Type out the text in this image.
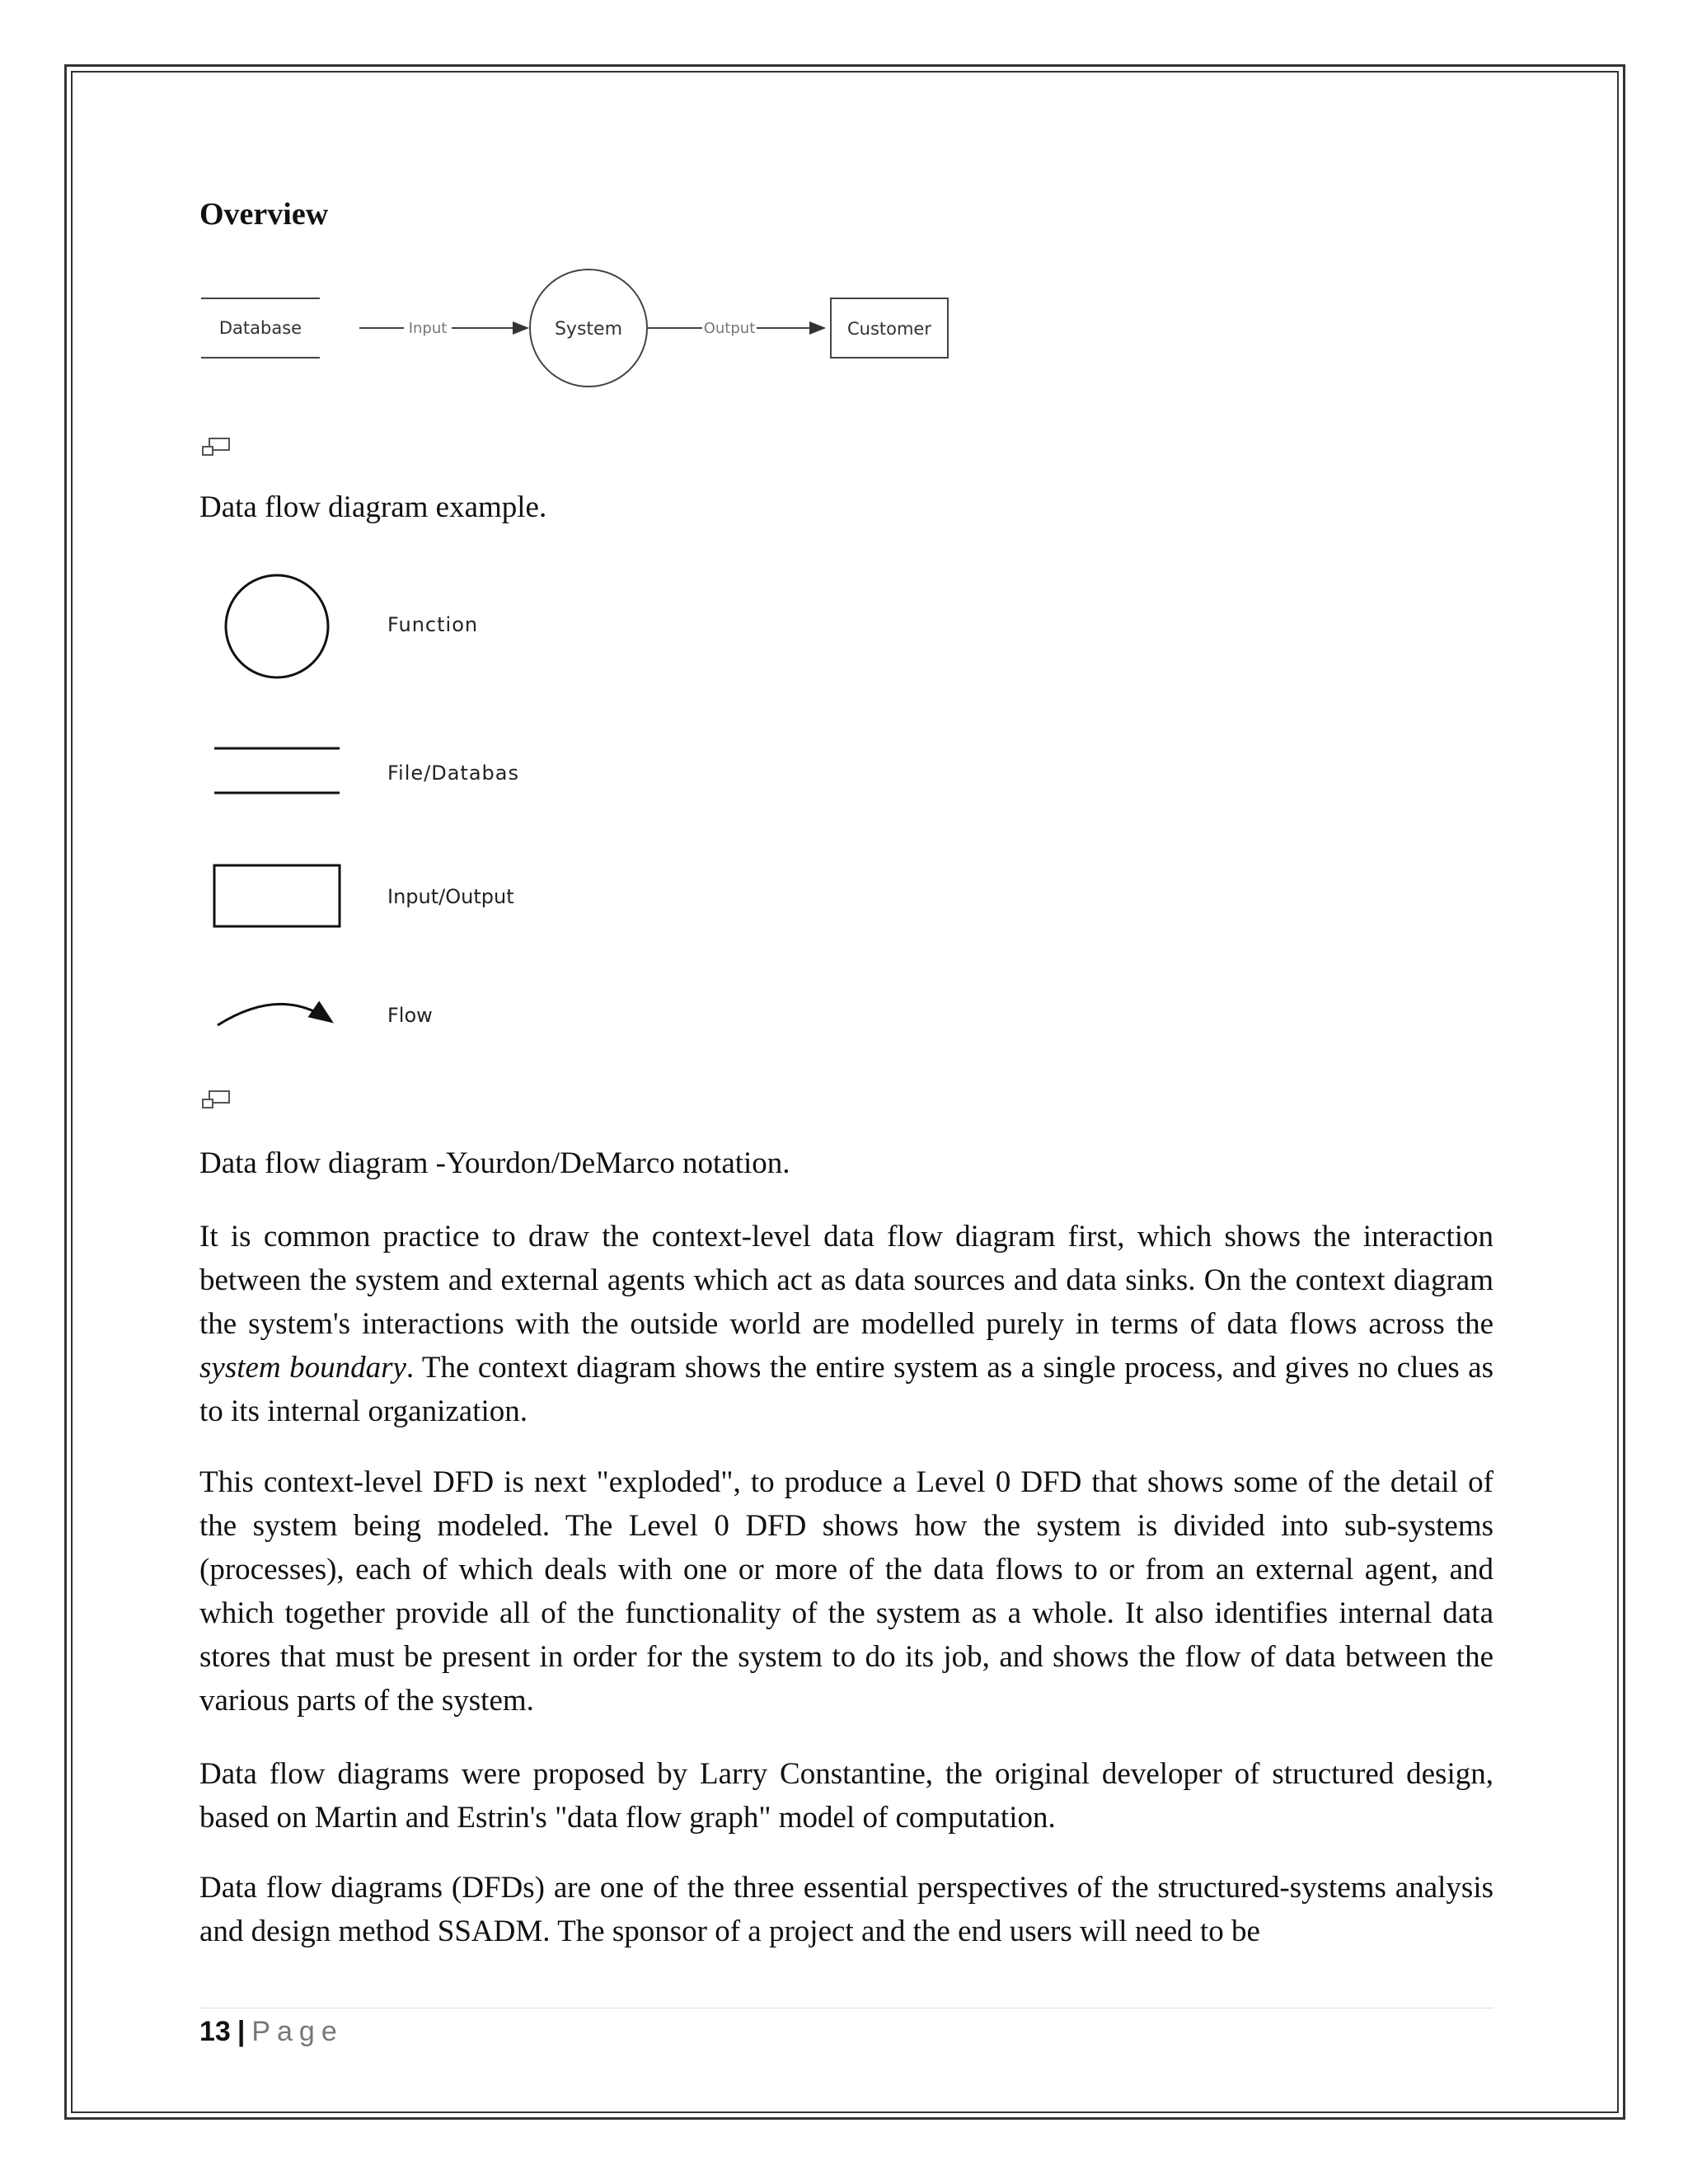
Overview
Database	Input	System	Output	Customer
Data flow diagram example.
Function
File/Databas
Input/Output
Flow
Data flow diagram -Yourdon/DeMarco notation.

It is common practice to draw the context-level data flow diagram first, which shows the interaction between the system and external agents which act as data sources and data sinks. On the context diagram the system's interactions with the outside world are modelled purely in terms of data flows across the system boundary. The context diagram shows the entire system as a single process, and gives no clues as to its internal organization.

This context-level DFD is next "exploded", to produce a Level 0 DFD that shows some of the detail of the system being modeled. The Level 0 DFD shows how the system is divided into sub-systems (processes), each of which deals with one or more of the data flows to or from an external agent, and which together provide all of the functionality of the system as a whole. It also identifies internal data stores that must be present in order for the system to do its job, and shows the flow of data between the various parts of the system.

Data flow diagrams were proposed by Larry Constantine, the original developer of structured design, based on Martin and Estrin's "data flow graph" model of computation.

Data flow diagrams (DFDs) are one of the three essential perspectives of the structured-systems analysis and design method SSADM. The sponsor of a project and the end users will need to be

13 | Page
